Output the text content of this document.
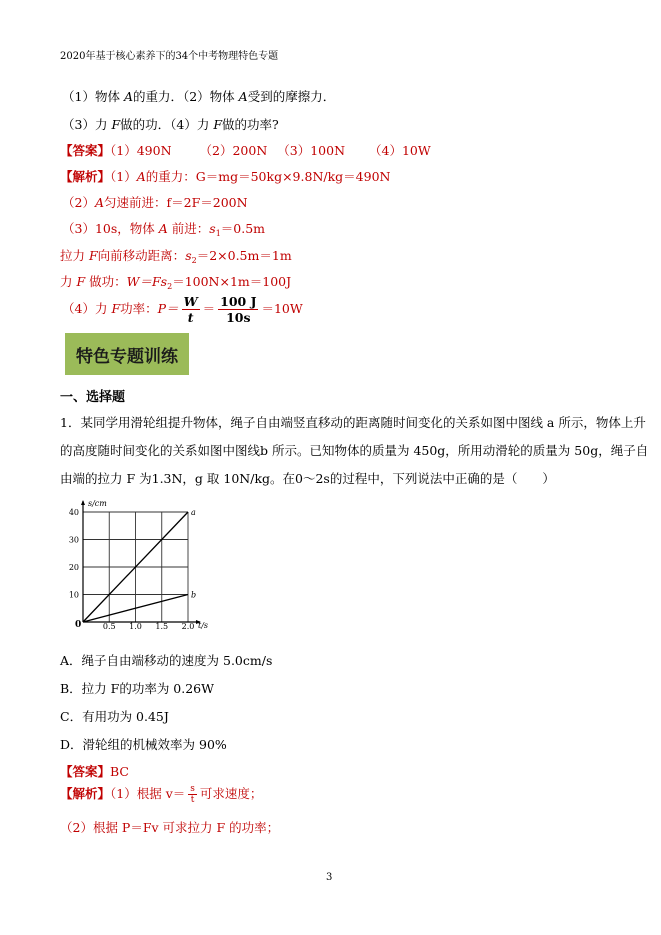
2020年基于核心素养下的34个中考物理特色专题
（1）物体 A的重力．（2）物体 A受到的摩擦力．
（3）力 F做的功．（4）力 F做的功率?
【答案】（1）490N （2）200N （3）100N （4）10W
【解析】（1）A的重力：G＝mg＝50kg×9.8N/kg＝490N
（2）A匀速前进：f＝2F＝200N
（3）10s，物体 A 前进：$s_1=0.5m$
拉力 F向前移动距离：$s_2=2\times 0.5m=1m$
力 F 做功：$W=Fs_2=100N\times 1m=100J$
（4）力 F功率：$P= \frac{W}{t} = \frac{100 J}{10s} =10W$
特色专题训练
一、选择题
1．某同学用滑轮组提升物体，绳子自由端竖直移动的距离随时间变化的关系如图中图线 a 所示，物体上升
的高度随时间变化的关系如图中图线b 所示。已知物体的质量为 450g，所用动滑轮的质量为 50g，绳子自
由端的拉力 F 为1.3N，g 取 10N/kg。在0～2s的过程中，下列说法中正确的是（　　）
s/cm
t/s
0
10
20
30
40
0.5 1.0 1.5 2.0
a
b
A．绳子自由端移动的速度为 5.0cm/s
B．拉力 F的功率为 0.26W
C．有用功为 0.45J
D．滑轮组的机械效率为 90%
【答案】BC
【解析】（1）根据 $v= \frac{s}{t}$ 可求速度；
（2）根据 P＝Fv 可求拉力 F 的功率；
3
